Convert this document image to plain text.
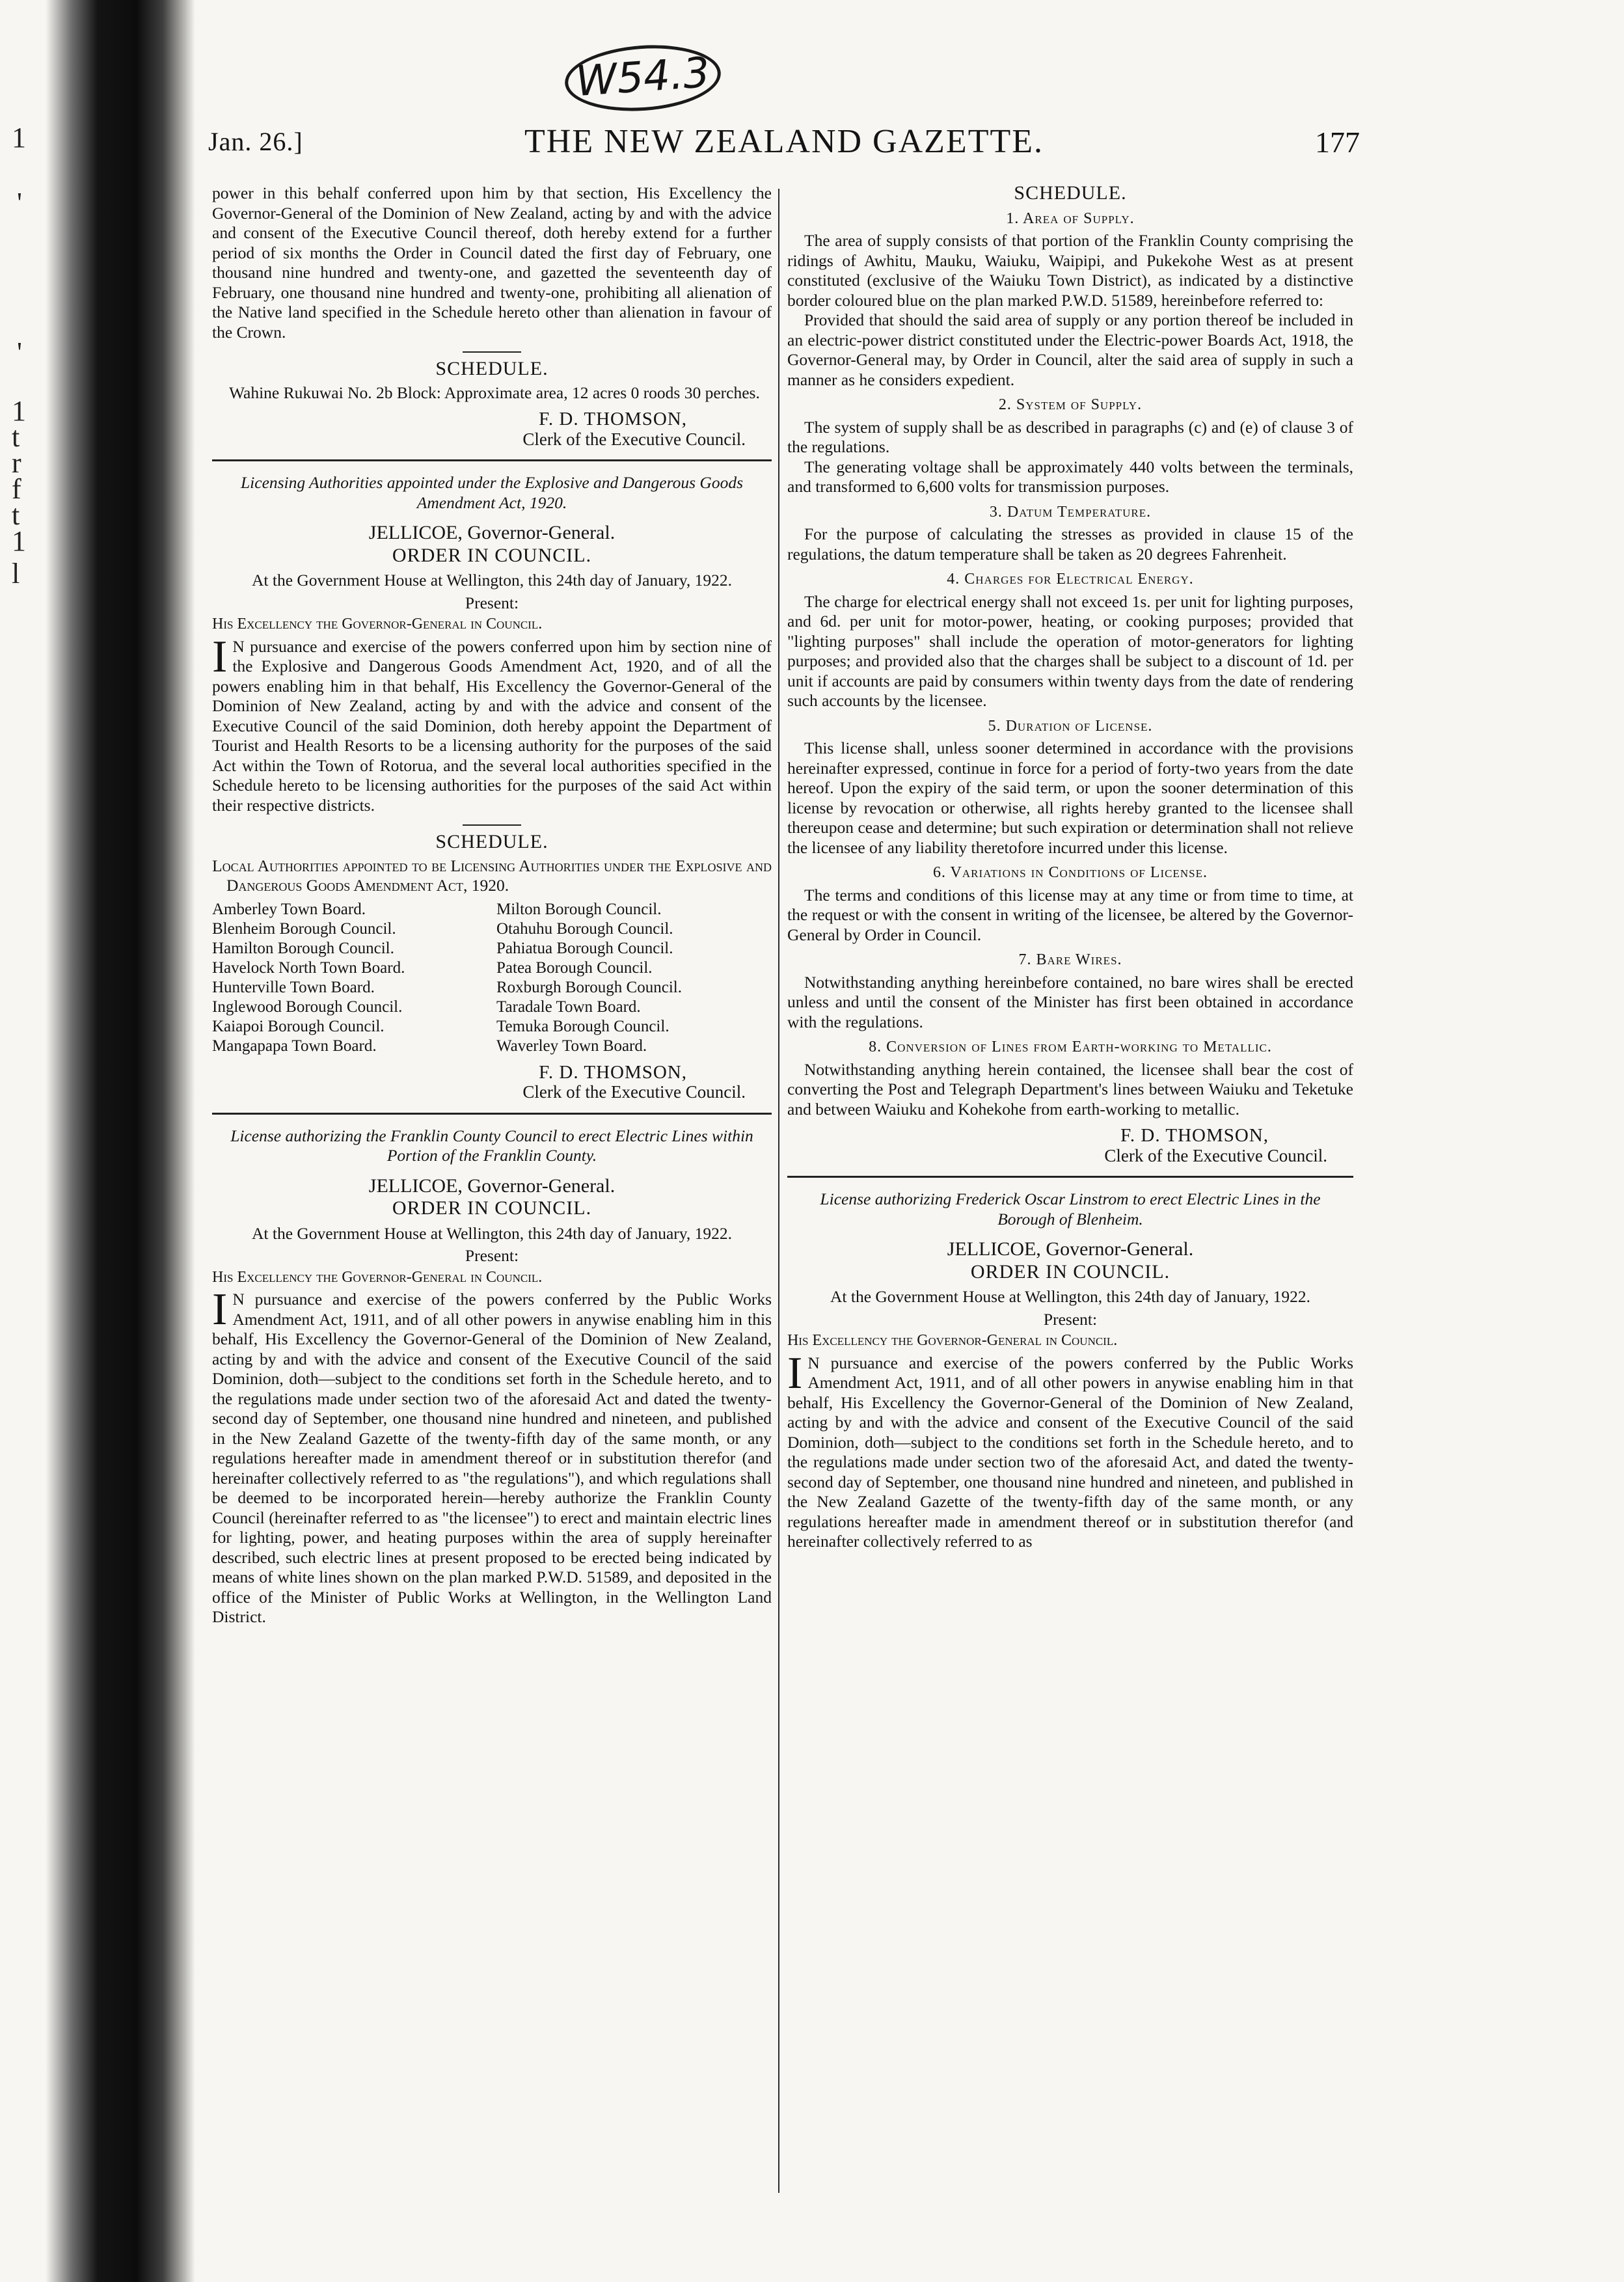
1
'
'
1
t
r
f
t
1
l
W54.3
Jan. 26.]	THE NEW ZEALAND GAZETTE.	177

power in this behalf conferred upon him by that section, His Excellency the Governor-General of the Dominion of New Zealand, acting by and with the advice and consent of the Executive Council thereof, doth hereby extend for a further period of six months the Order in Council dated the first day of February, one thousand nine hundred and twenty-one, and gazetted the seventeenth day of February, one thousand nine hundred and twenty-one, prohibiting all alienation of the Native land specified in the Schedule hereto other than alienation in favour of the Crown.

SCHEDULE.

Wahine Rukuwai No. 2b Block: Approximate area, 12 acres 0 roods 30 perches.

F. D. THOMSON,
Clerk of the Executive Council.

Licensing Authorities appointed under the Explosive and Dangerous Goods Amendment Act, 1920.

JELLICOE, Governor-General.
ORDER IN COUNCIL.

At the Government House at Wellington, this 24th day of January, 1922.

Present:
His Excellency the Governor-General in Council.

I N pursuance and exercise of the powers conferred upon him by section nine of the Explosive and Dangerous Goods Amendment Act, 1920, and of all the powers enabling him in that behalf, His Excellency the Governor-General of the Dominion of New Zealand, acting by and with the advice and consent of the Executive Council of the said Dominion, doth hereby appoint the Department of Tourist and Health Resorts to be a licensing authority for the purposes of the said Act within the Town of Rotorua, and the several local authorities specified in the Schedule hereto to be licensing authorities for the purposes of the said Act within their respective districts.

SCHEDULE.

Local Authorities appointed to be Licensing Authorities under the Explosive and Dangerous Goods Amendment Act, 1920.

Amberley Town Board.
Blenheim Borough Council.
Hamilton Borough Council.
Havelock North Town Board.
Hunterville Town Board.
Inglewood Borough Council.
Kaiapoi Borough Council.
Mangapapa Town Board.
Milton Borough Council.
Otahuhu Borough Council.
Pahiatua Borough Council.
Patea Borough Council.
Roxburgh Borough Council.
Taradale Town Board.
Temuka Borough Council.
Waverley Town Board.
F. D. THOMSON,
Clerk of the Executive Council.

License authorizing the Franklin County Council to erect Electric Lines within Portion of the Franklin County.

JELLICOE, Governor-General.
ORDER IN COUNCIL.

At the Government House at Wellington, this 24th day of January, 1922.

Present:
His Excellency the Governor-General in Council.

I N pursuance and exercise of the powers conferred by the Public Works Amendment Act, 1911, and of all other powers in anywise enabling him in this behalf, His Excellency the Governor-General of the Dominion of New Zealand, acting by and with the advice and consent of the Executive Council of the said Dominion, doth—subject to the conditions set forth in the Schedule hereto, and to the regulations made under section two of the aforesaid Act and dated the twenty-second day of September, one thousand nine hundred and nineteen, and published in the New Zealand Gazette of the twenty-fifth day of the same month, or any regulations hereafter made in amendment thereof or in substitution therefor (and hereinafter collectively referred to as "the regulations"), and which regulations shall be deemed to be incorporated herein—hereby authorize the Franklin County Council (hereinafter referred to as "the licensee") to erect and maintain electric lines for lighting, power, and heating purposes within the area of supply hereinafter described, such electric lines at present proposed to be erected being indicated by means of white lines shown on the plan marked P.W.D. 51589, and deposited in the office of the Minister of Public Works at Wellington, in the Wellington Land District.

SCHEDULE.
1. Area of Supply.

The area of supply consists of that portion of the Franklin County comprising the ridings of Awhitu, Mauku, Waiuku, Waipipi, and Pukekohe West as at present constituted (exclusive of the Waiuku Town District), as indicated by a distinctive border coloured blue on the plan marked P.W.D. 51589, hereinbefore referred to:

Provided that should the said area of supply or any portion thereof be included in an electric-power district constituted under the Electric-power Boards Act, 1918, the Governor-General may, by Order in Council, alter the said area of supply in such a manner as he considers expedient.

2. System of Supply.

The system of supply shall be as described in paragraphs (c) and (e) of clause 3 of the regulations.

The generating voltage shall be approximately 440 volts between the terminals, and transformed to 6,600 volts for transmission purposes.

3. Datum Temperature.

For the purpose of calculating the stresses as provided in clause 15 of the regulations, the datum temperature shall be taken as 20 degrees Fahrenheit.

4. Charges for Electrical Energy.

The charge for electrical energy shall not exceed 1s. per unit for lighting purposes, and 6d. per unit for motor-power, heating, or cooking purposes; provided that "lighting purposes" shall include the operation of motor-generators for lighting purposes; and provided also that the charges shall be subject to a discount of 1d. per unit if accounts are paid by consumers within twenty days from the date of rendering such accounts by the licensee.

5. Duration of License.

This license shall, unless sooner determined in accordance with the provisions hereinafter expressed, continue in force for a period of forty-two years from the date hereof. Upon the expiry of the said term, or upon the sooner determination of this license by revocation or otherwise, all rights hereby granted to the licensee shall thereupon cease and determine; but such expiration or determination shall not relieve the licensee of any liability theretofore incurred under this license.

6. Variations in Conditions of License.

The terms and conditions of this license may at any time or from time to time, at the request or with the consent in writing of the licensee, be altered by the Governor-General by Order in Council.

7. Bare Wires.

Notwithstanding anything hereinbefore contained, no bare wires shall be erected unless and until the consent of the Minister has first been obtained in accordance with the regulations.

8. Conversion of Lines from Earth-working to Metallic.

Notwithstanding anything herein contained, the licensee shall bear the cost of converting the Post and Telegraph Department's lines between Waiuku and Teketuke and between Waiuku and Kohekohe from earth-working to metallic.

F. D. THOMSON,
Clerk of the Executive Council.

License authorizing Frederick Oscar Linstrom to erect Electric Lines in the Borough of Blenheim.

JELLICOE, Governor-General.
ORDER IN COUNCIL.

At the Government House at Wellington, this 24th day of January, 1922.

Present:
His Excellency the Governor-General in Council.

I N pursuance and exercise of the powers conferred by the Public Works Amendment Act, 1911, and of all other powers in anywise enabling him in that behalf, His Excellency the Governor-General of the Dominion of New Zealand, acting by and with the advice and consent of the Executive Council of the said Dominion, doth—subject to the conditions set forth in the Schedule hereto, and to the regulations made under section two of the aforesaid Act, and dated the twenty-second day of September, one thousand nine hundred and nineteen, and published in the New Zealand Gazette of the twenty-fifth day of the same month, or any regulations hereafter made in amendment thereof or in substitution therefor (and hereinafter collectively referred to as
